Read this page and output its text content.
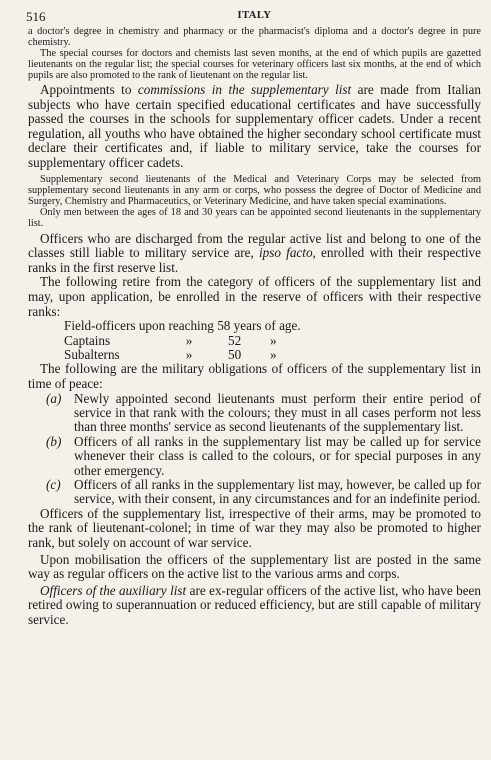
516	ITALY

a doctor's degree in chemistry and pharmacy or the pharmacist's diploma and a doctor's degree in pure chemistry.

The special courses for doctors and chemists last seven months, at the end of which pupils are gazetted lieutenants on the regular list; the special courses for veterinary officers last six months, at the end of which pupils are also promoted to the rank of lieutenant on the regular list.

Appointments to commissions in the supplementary list are made from Italian subjects who have certain specified educational certificates and have successfully passed the courses in the schools for supplementary officer cadets. Under a recent regulation, all youths who have obtained the higher secondary school certificate must declare their certificates and, if liable to military service, take the courses for supplementary officer cadets.

Supplementary second lieutenants of the Medical and Veterinary Corps may be selected from supplementary second lieutenants in any arm or corps, who possess the degree of Doctor of Medicine and Surgery, Chemistry and Pharmaceutics, or Veterinary Medicine, and have taken special examinations.

Only men between the ages of 18 and 30 years can be appointed second lieutenants in the supplementary list.

Officers who are discharged from the regular active list and belong to one of the classes still liable to military service are, ipso facto, enrolled with their respective ranks in the first reserve list.

The following retire from the category of officers of the supplementary list and may, upon application, be enrolled in the reserve of officers with their respective ranks:

Field-officers upon reaching 58 years of age.
Captains	»	52	»
Subalterns	»	50	»

The following are the military obligations of officers of the supplementary list in time of peace:

(a) Newly appointed second lieutenants must perform their entire period of service in that rank with the colours; they must in all cases perform not less than three months' service as second lieutenants of the supplementary list.
(b) Officers of all ranks in the supplementary list may be called up for service whenever their class is called to the colours, or for special purposes in any other emergency.
(c)	Officers of all ranks in the supplementary list may, however, be called up for service, with their consent, in any circumstances and for an indefinite period.

Officers of the supplementary list, irrespective of their arms, may be promoted to the rank of lieutenant-colonel; in time of war they may also be promoted to higher rank, but solely on account of war service.

Upon mobilisation the officers of the supplementary list are posted in the same way as regular officers on the active list to the various arms and corps.

Officers of the auxiliary list are ex-regular officers of the active list, who have been retired owing to superannuation or reduced efficiency, but are still capable of military service.
